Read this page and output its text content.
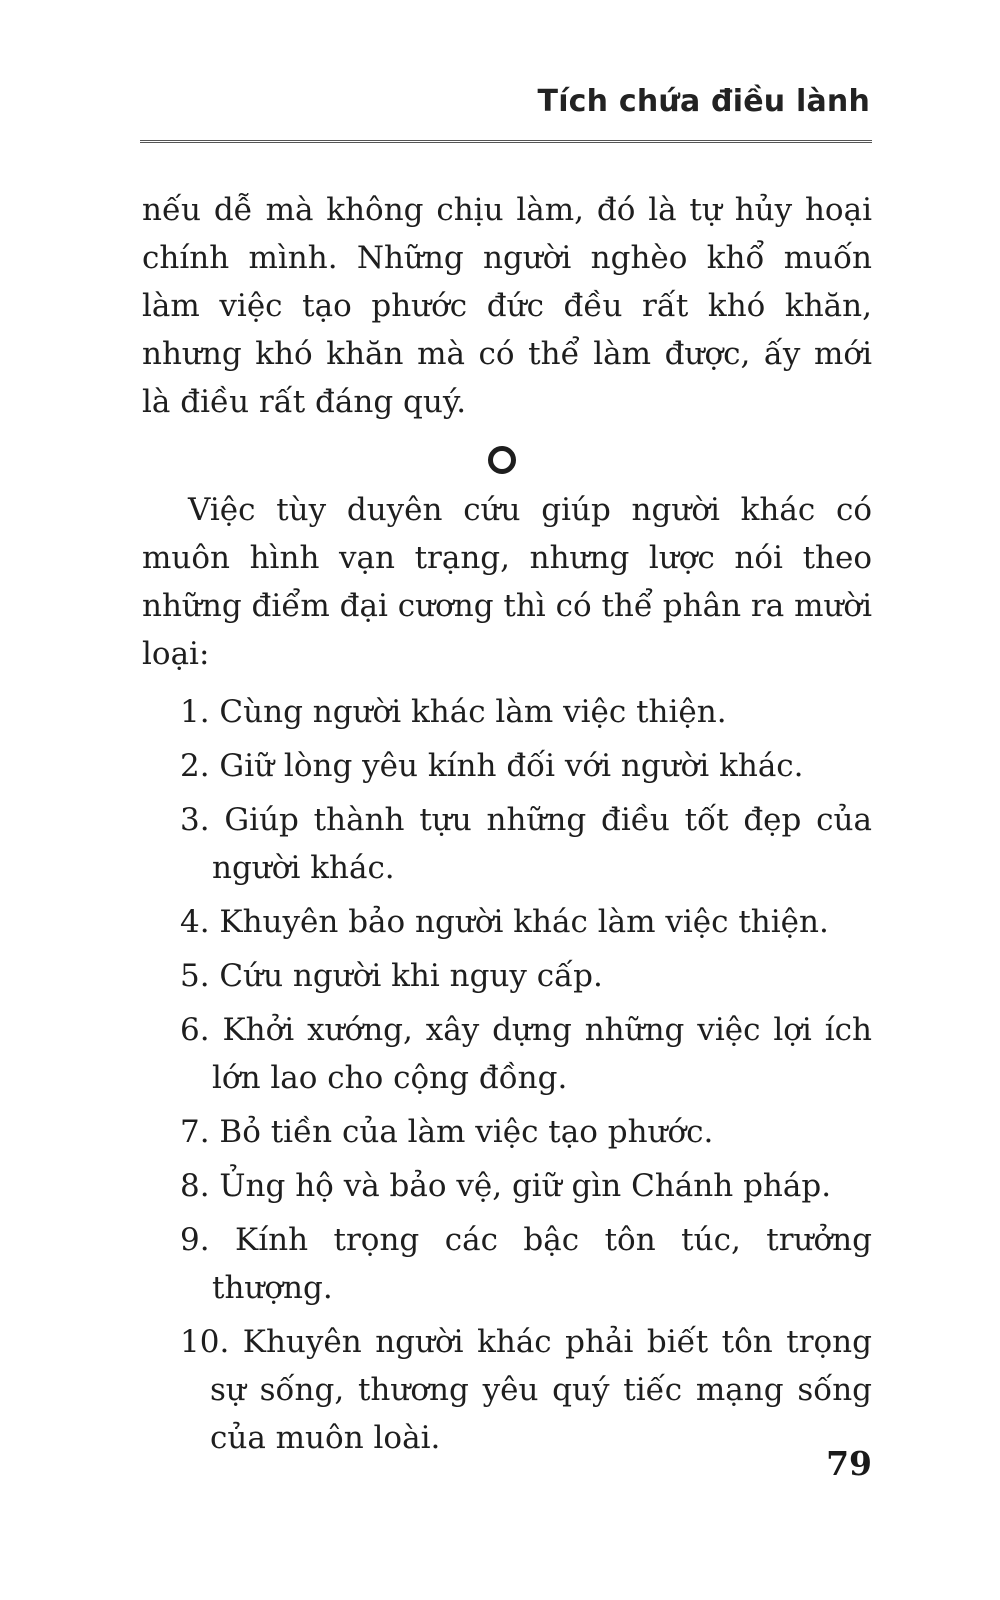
Tích chứa điều lành
nếu dễ mà không chịu làm, đó là tự hủy hoại chính mình. Những người nghèo khổ muốn làm việc tạo phước đức đều rất khó khăn, nhưng khó khăn mà có thể làm được, ấy mới là điều rất đáng quý.
Việc tùy duyên cứu giúp người khác có muôn hình vạn trạng, nhưng lược nói theo những điểm đại cương thì có thể phân ra mười loại:
1. Cùng người khác làm việc thiện.
2. Giữ lòng yêu kính đối với người khác.
3. Giúp thành tựu những điều tốt đẹp của người khác.
4. Khuyên bảo người khác làm việc thiện.
5. Cứu người khi nguy cấp.
6. Khởi xướng, xây dựng những việc lợi ích lớn lao cho cộng đồng.
7. Bỏ tiền của làm việc tạo phước.
8. Ủng hộ và bảo vệ, giữ gìn Chánh pháp.
9. Kính trọng các bậc tôn túc, trưởng thượng.
10. Khuyên người khác phải biết tôn trọng sự sống, thương yêu quý tiếc mạng sống của muôn loài.
79
